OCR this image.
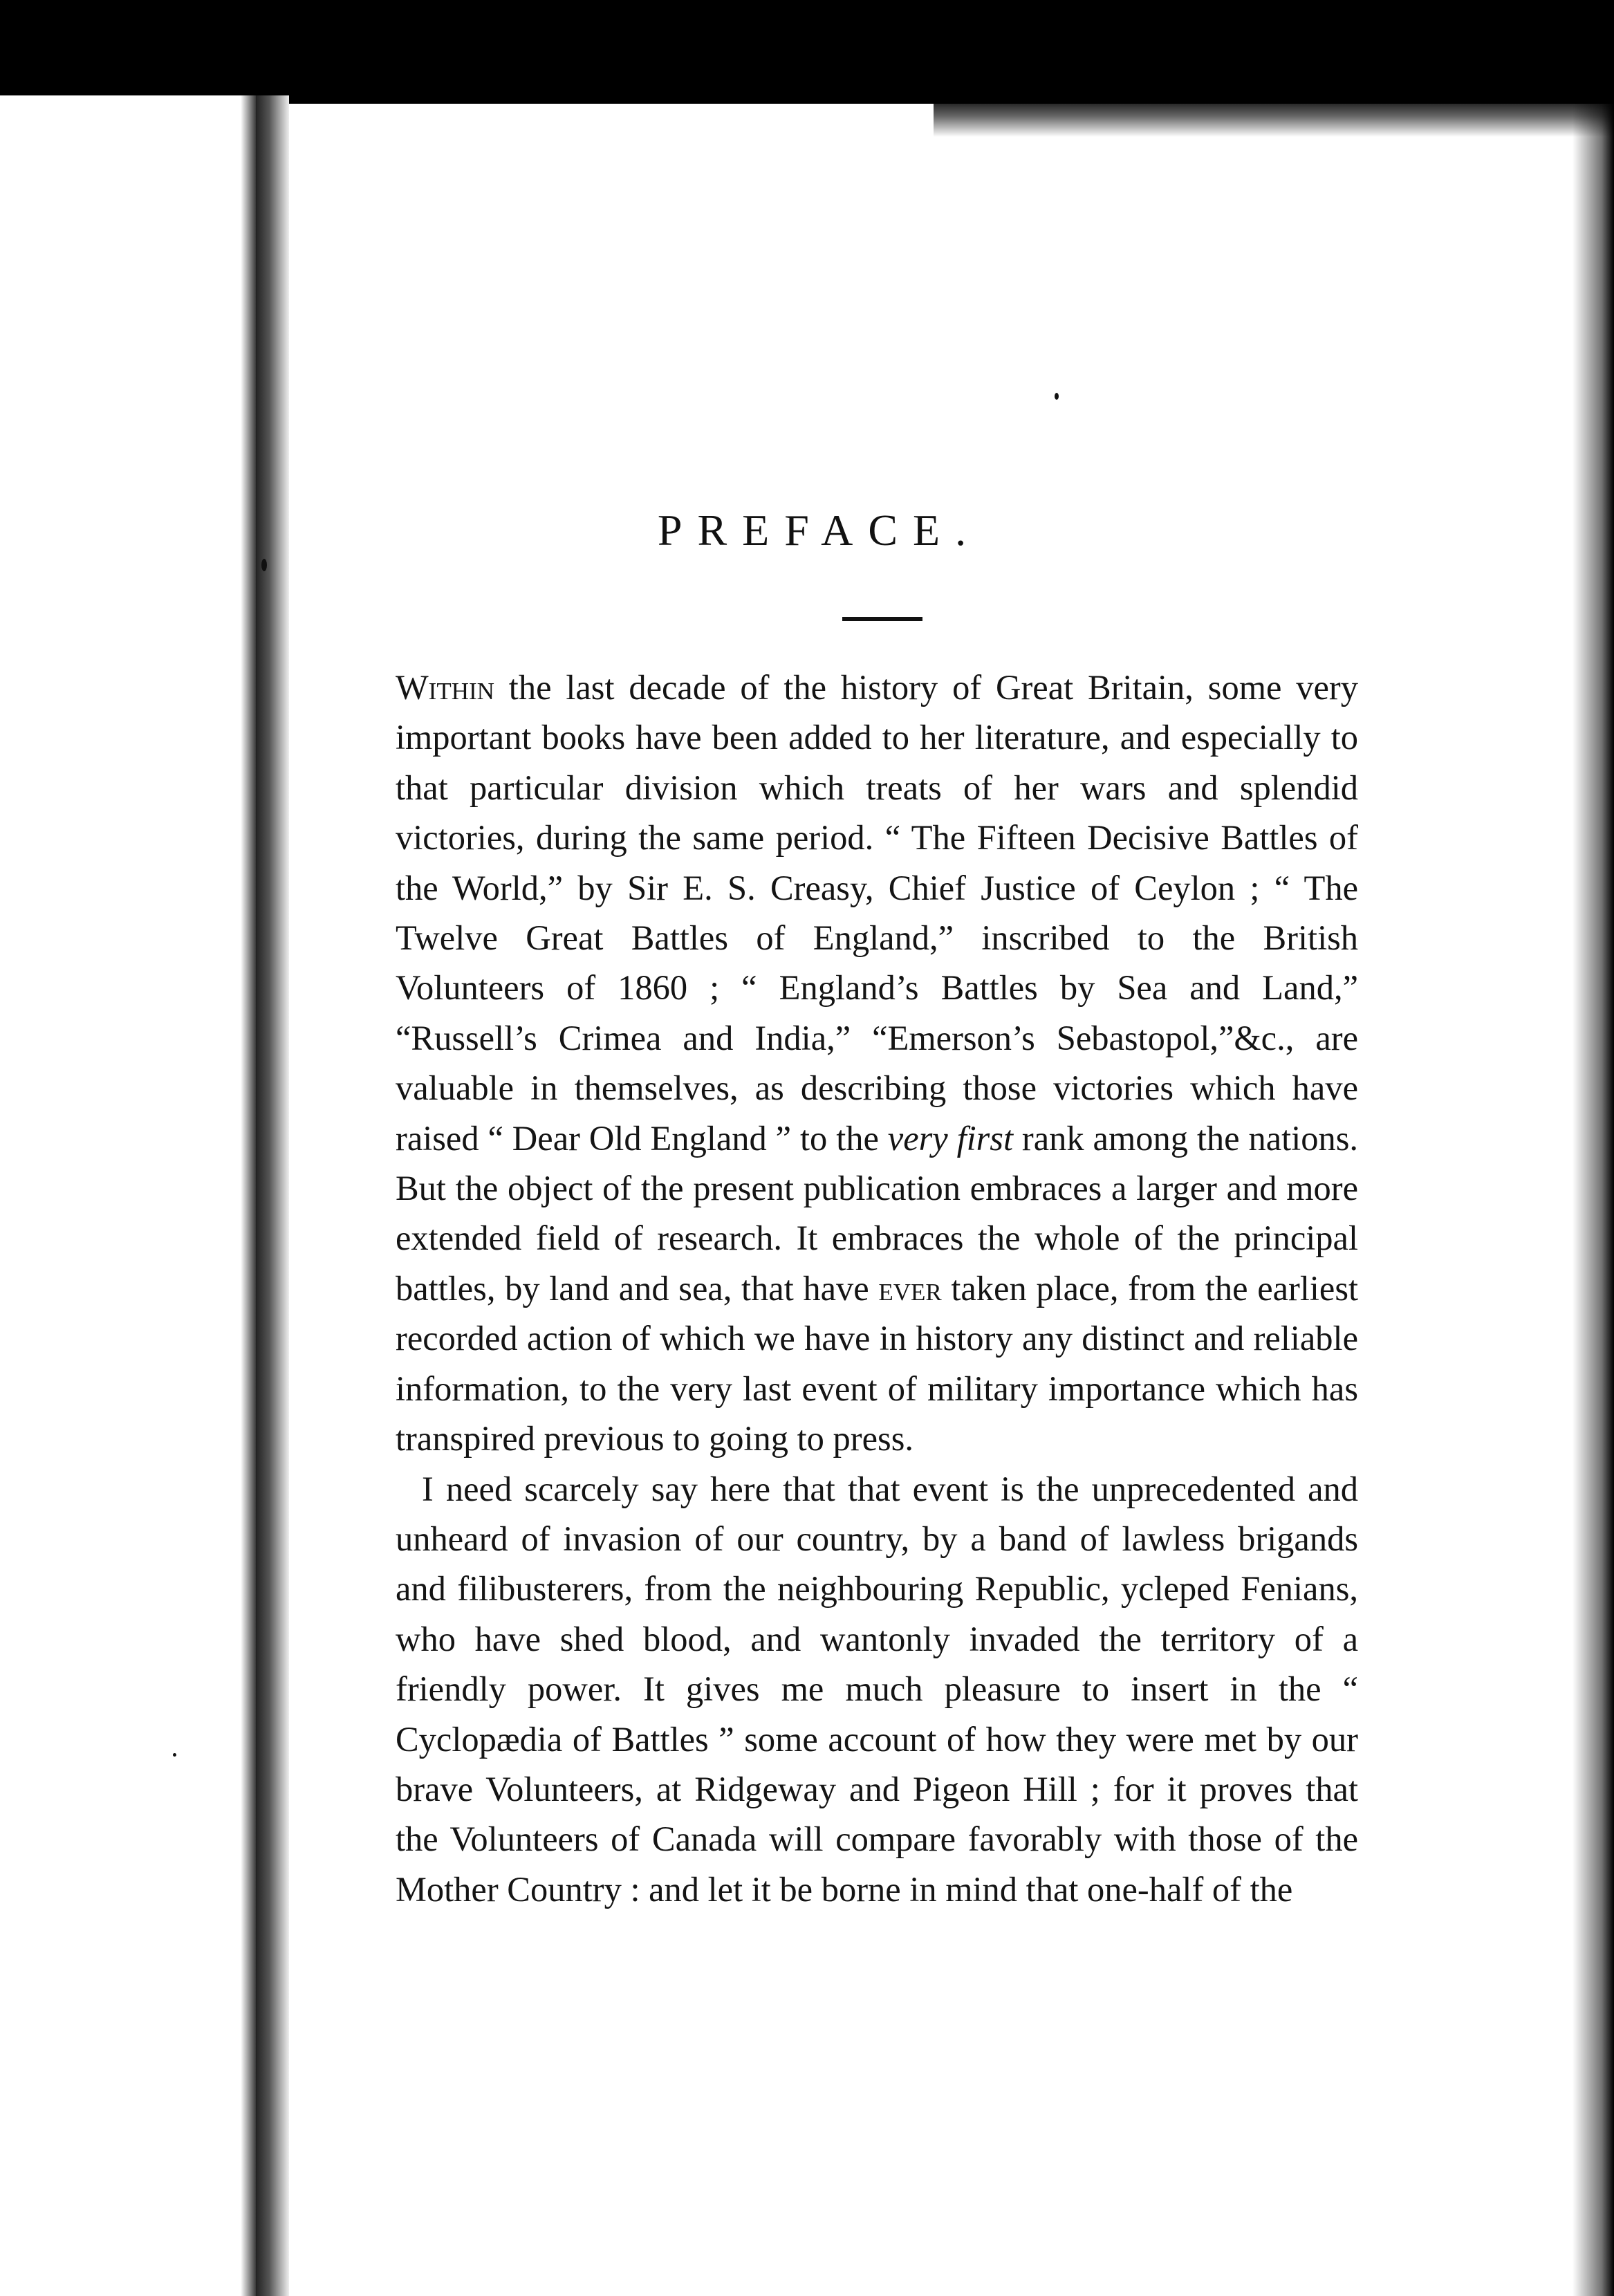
PREFACE.

Within the last decade of the history of Great Britain, some very important books have been added to her literature, and especially to that particular division which treats of her wars and splendid victories, during the same period. “ The Fifteen Decisive Battles of the World,” by Sir E. S. Creasy, Chief Justice of Ceylon ; “ The Twelve Great Battles of England,” inscribed to the British Volunteers of 1860 ; “ England’s Battles by Sea and Land,” “Russell’s Crimea and India,” “Emerson’s Sebastopol,”&c., are valuable in themselves, as describing those victories which have raised “ Dear Old England ” to the very first rank among the nations. But the object of the present publication embraces a larger and more extended field of research. It embraces the whole of the principal battles, by land and sea, that have ever taken place, from the earliest recorded action of which we have in history any distinct and reliable information, to the very last event of military importance which has transpired previous to going to press.

I need scarcely say here that that event is the unprecedented and unheard of invasion of our country, by a band of lawless brigands and filibusterers, from the neighbouring Republic, ycleped Fenians, who have shed blood, and wantonly invaded the territory of a friendly power. It gives me much pleasure to insert in the “ Cyclopædia of Battles ” some account of how they were met by our brave Volunteers, at Ridgeway and Pigeon Hill ; for it proves that the Volunteers of Canada will compare favorably with those of the Mother Country : and let it be borne in mind that one-half of the
